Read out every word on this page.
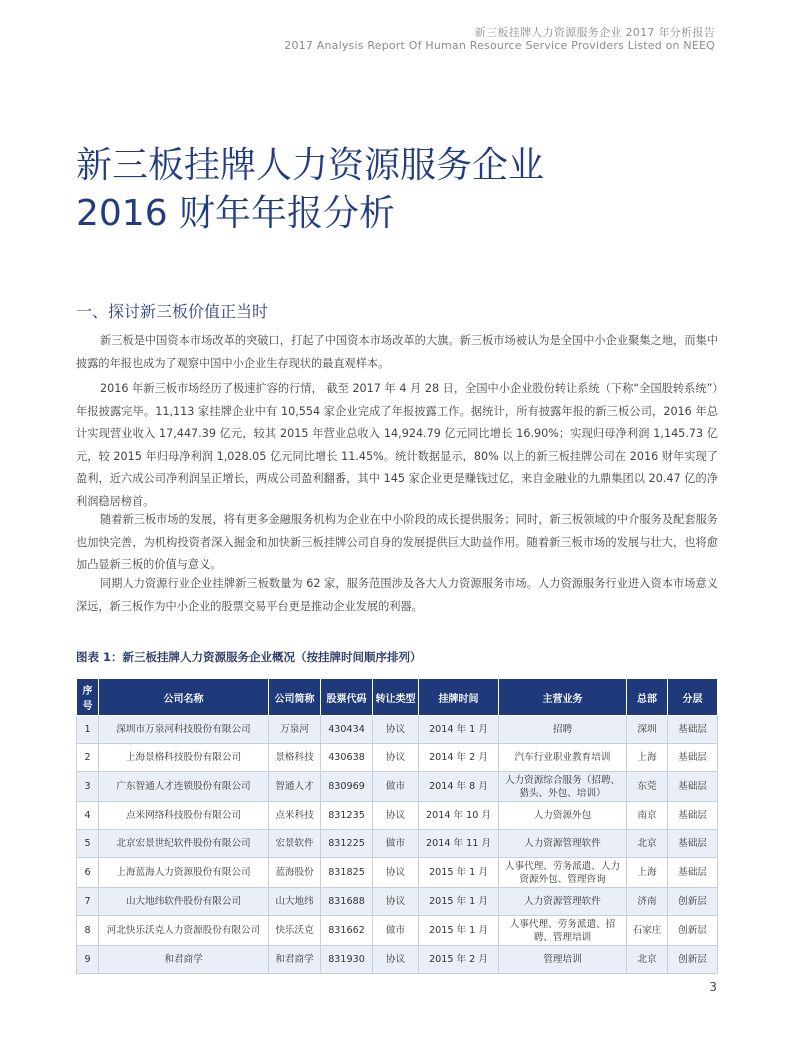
新三板挂牌人力资源服务企业 2017 年分析报告
2017 Analysis Report Of Human Resource Service Providers Listed on NEEQ
新三板挂牌人力资源服务企业
2016 财年年报分析
一、探讨新三板价值正当时

新三板是中国资本市场改革的突破口，打起了中国资本市场改革的大旗。新三板市场被认为是全国中小企业聚集之地，而集中披露的年报也成为了观察中国中小企业生存现状的最直观样本。

2016 年新三板市场经历了极速扩容的行情， 截至 2017 年 4 月 28 日，全国中小企业股份转让系统（下称“全国股转系统”）年报披露完毕。11,113 家挂牌企业中有 10,554 家企业完成了年报披露工作。据统计，所有披露年报的新三板公司，2016 年总计实现营业收入 17,447.39 亿元，较其 2015 年营业总收入 14,924.79 亿元同比增长 16.90%；实现归母净利润 1,145.73 亿元，较 2015 年归母净利润 1,028.05 亿元同比增长 11.45%。统计数据显示，80% 以上的新三板挂牌公司在 2016 财年实现了盈利，近六成公司净利润呈正增长，两成公司盈利翻番，其中 145 家企业更是赚钱过亿，来自金融业的九鼎集团以 20.47 亿的净利润稳居榜首。

随着新三板市场的发展，将有更多金融服务机构为企业在中小阶段的成长提供服务；同时，新三板领域的中介服务及配套服务也加快完善，为机构投资者深入掘金和加快新三板挂牌公司自身的发展提供巨大助益作用。随着新三板市场的发展与壮大，也将愈加凸显新三板的价值与意义。

同期人力资源行业企业挂牌新三板数量为 62 家，服务范围涉及各大人力资源服务市场。人力资源服务行业进入资本市场意义深远，新三板作为中小企业的股票交易平台更是推动企业发展的利器。

图表 1：新三板挂牌人力资源服务企业概况（按挂牌时间顺序排列）
序号	公司名称	公司简称	股票代码	转让类型	挂牌时间	主营业务	总部	分层
1	深圳市万泉河科技股份有限公司	万泉河	430434	协议	2014 年 1 月	招聘	深圳	基础层
2	上海景格科技股份有限公司	景格科技	430638	协议	2014 年 2 月	汽车行业职业教育培训	上海	基础层
3	广东智通人才连锁股份有限公司	智通人才	830969	做市	2014 年 8 月	人力资源综合服务（招聘、猎头、外包、培训）	东莞	基础层
4	点米网络科技股份有限公司	点米科技	831235	协议	2014 年 10 月	人力资源外包	南京	基础层
5	北京宏景世纪软件股份有限公司	宏景软件	831225	做市	2014 年 11 月	人力资源管理软件	北京	基础层
6	上海蓝海人力资源股份有限公司	蓝海股份	831825	协议	2015 年 1 月	人事代理、劳务派遣、人力资源外包、管理咨询	上海	基础层
7	山大地纬软件股份有限公司	山大地纬	831688	协议	2015 年 1 月	人力资源管理软件	济南	创新层
8	河北快乐沃克人力资源股份有限公司	快乐沃克	831662	做市	2015 年 1 月	人事代理、劳务派遣、招聘、管理培训	石家庄	创新层
9	和君商学	和君商学	831930	协议	2015 年 2 月	管理培训	北京	创新层
3
